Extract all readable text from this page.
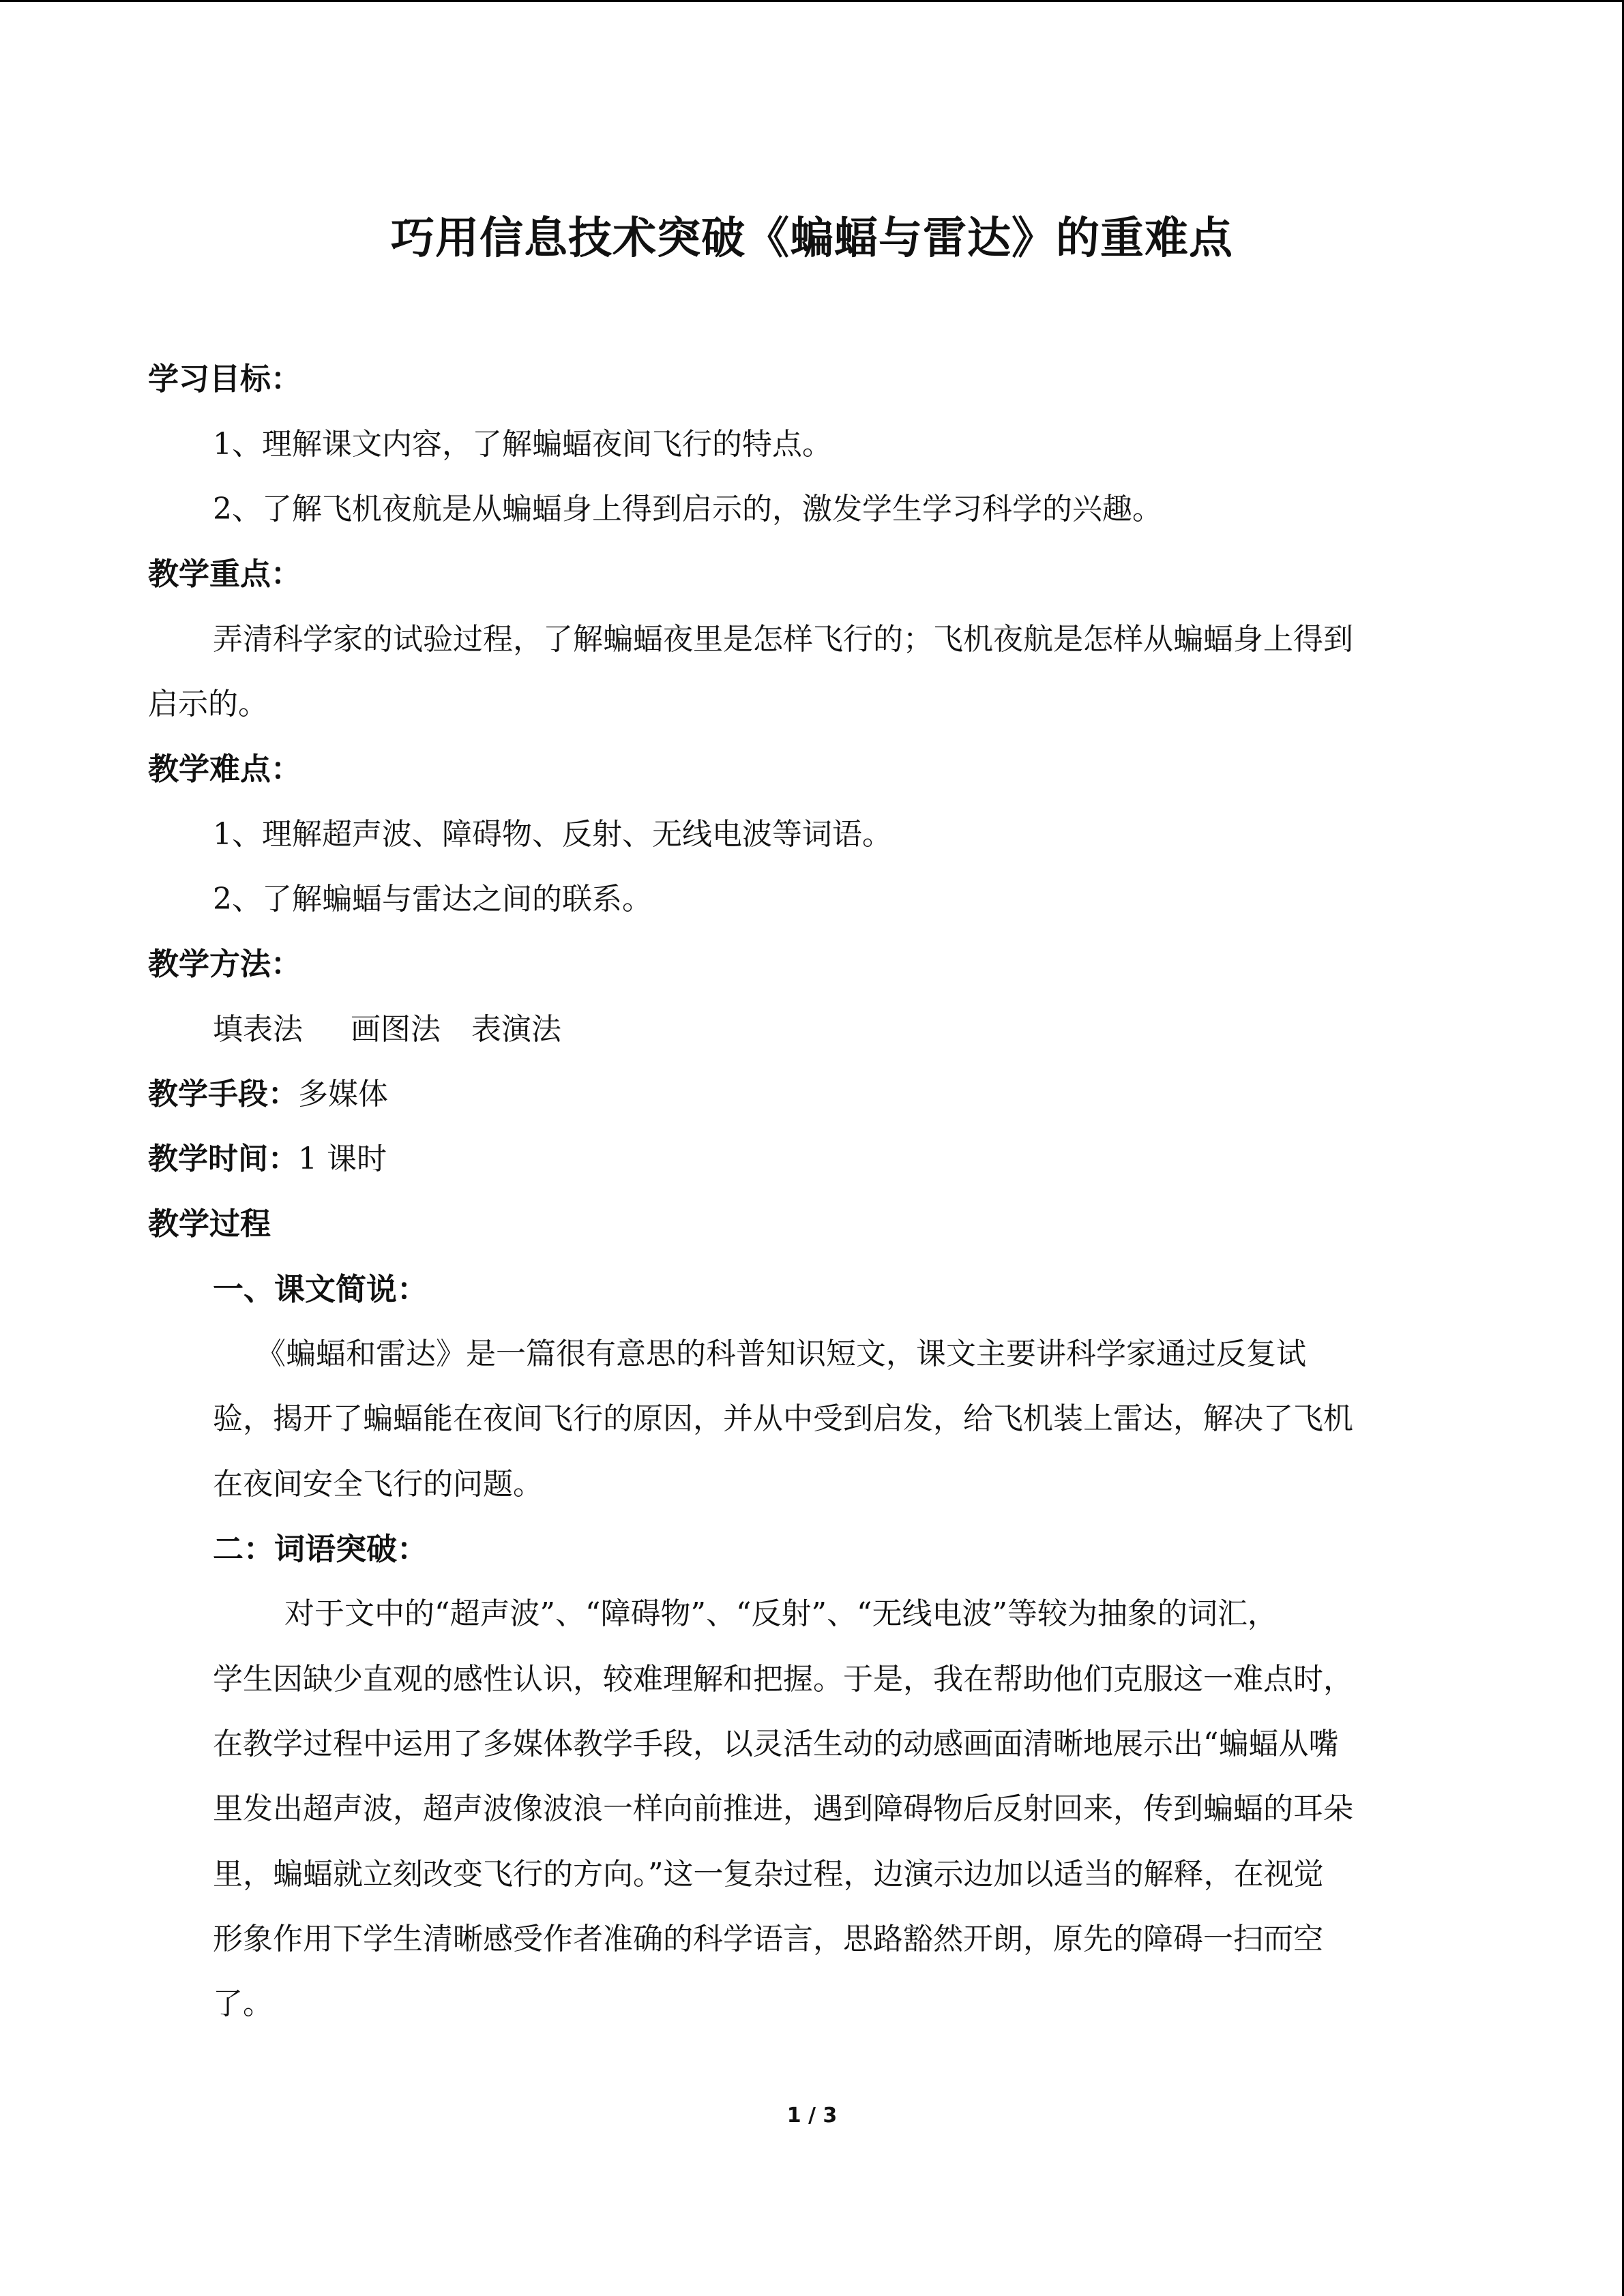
巧用信息技术突破《蝙蝠与雷达》的重难点
学习目标：
1、理解课文内容，了解蝙蝠夜间飞行的特点。
2、了解飞机夜航是从蝙蝠身上得到启示的，激发学生学习科学的兴趣。
教学重点：
弄清科学家的试验过程，了解蝙蝠夜里是怎样飞行的；飞机夜航是怎样从蝙蝠身上得到
启示的。
教学难点：
1、理解超声波、障碍物、反射、无线电波等词语。
2、了解蝙蝠与雷达之间的联系。
教学方法：
填表法 画图法 表演法
教学手段：多媒体
教学时间：1 课时
教学过程
一、课文简说：
《蝙蝠和雷达》是一篇很有意思的科普知识短文，课文主要讲科学家通过反复试
验，揭开了蝙蝠能在夜间飞行的原因，并从中受到启发，给飞机装上雷达，解决了飞机
在夜间安全飞行的问题。
二：词语突破：
对于文中的“超声波”、“障碍物”、“反射”、“无线电波”等较为抽象的词汇，
学生因缺少直观的感性认识，较难理解和把握。于是，我在帮助他们克服这一难点时，
在教学过程中运用了多媒体教学手段，以灵活生动的动感画面清晰地展示出“蝙蝠从嘴
里发出超声波，超声波像波浪一样向前推进，遇到障碍物后反射回来，传到蝙蝠的耳朵
里，蝙蝠就立刻改变飞行的方向。”这一复杂过程，边演示边加以适当的解释，在视觉
形象作用下学生清晰感受作者准确的科学语言，思路豁然开朗，原先的障碍一扫而空
了。
1 / 3
